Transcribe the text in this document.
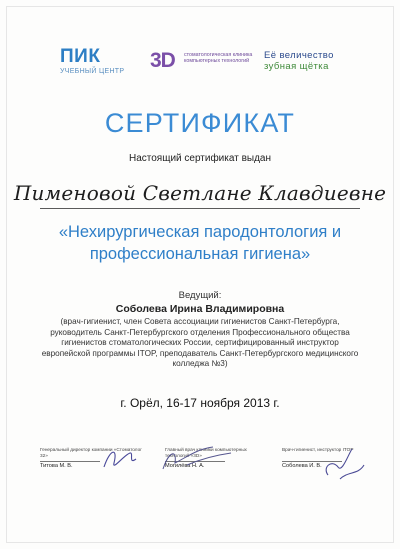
ПИК
УЧЕБНЫЙ ЦЕНТР	3D стоматологическая клиника компьютерных технологий
Её величество
зубная щётка
СЕРТИФИКАТ
Настоящий сертификат выдан
Пименовой Светлане Клавдиевне
«Нехирургическая пародонтология и профессиональная гигиена»
Ведущий:
Соболева Ирина Владимировна
(врач-гигиенист, член Совета ассоциации гигиенистов Санкт-Петербурга, руководитель Санкт-Петербургского отделения Профессионального общества гигиенистов стоматологических России, сертифицированный инструктор европейской программы ITOP, преподаватель Санкт-Петербургского медицинского колледжа №3)
г. Орёл, 16-17 ноября 2013 г.
Генеральный директор компании «Стоматолог 32»
Титова М. В.
Главный врач клиники компьютерных технологий «3D»
Могилёва Н. А.
Врач-гигиенист, инструктор ITOP
Соболева И. В.
